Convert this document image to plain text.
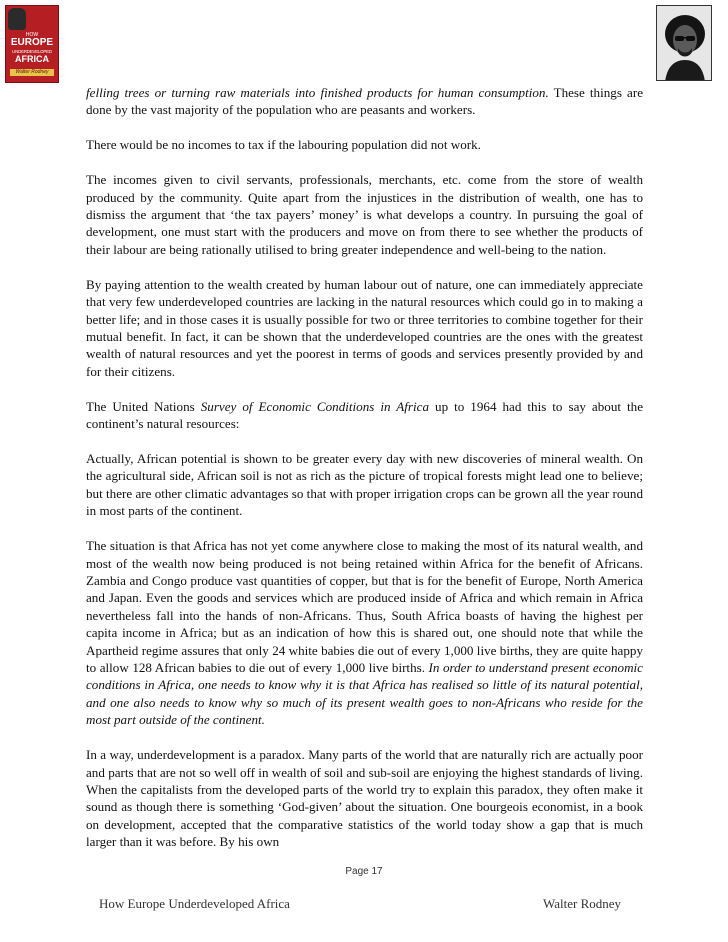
HOW
EUROPE
UNDERDEVELOPED
AFRICA
Walter Rodney

felling trees or turning raw materials into finished products for human consumption. These things are done by the vast majority of the population who are peasants and workers.

There would be no incomes to tax if the labouring population did not work.

The incomes given to civil servants, professionals, merchants, etc. come from the store of wealth produced by the community. Quite apart from the injustices in the distribution of wealth, one has to dismiss the argument that ‘the tax payers’ money’ is what develops a country. In pursuing the goal of development, one must start with the producers and move on from there to see whether the products of their labour are being rationally utilised to bring greater independence and well-being to the nation.

By paying attention to the wealth created by human labour out of nature, one can immediately appreciate that very few underdeveloped countries are lacking in the natural resources which could go in to making a better life; and in those cases it is usually possible for two or three territories to combine together for their mutual benefit. In fact, it can be shown that the underdeveloped countries are the ones with the greatest wealth of natural resources and yet the poorest in terms of goods and services presently provided by and for their citizens.

The United Nations Survey of Economic Conditions in Africa up to 1964 had this to say about the continent’s natural resources:

Actually, African potential is shown to be greater every day with new discoveries of mineral wealth. On the agricultural side, African soil is not as rich as the picture of tropical forests might lead one to believe; but there are other climatic advantages so that with proper irrigation crops can be grown all the year round in most parts of the continent.

The situation is that Africa has not yet come anywhere close to making the most of its natural wealth, and most of the wealth now being produced is not being retained within Africa for the benefit of Africans. Zambia and Congo produce vast quantities of copper, but that is for the benefit of Europe, North America and Japan. Even the goods and services which are produced inside of Africa and which remain in Africa nevertheless fall into the hands of non-Africans. Thus, South Africa boasts of having the highest per capita income in Africa; but as an indication of how this is shared out, one should note that while the Apartheid regime assures that only 24 white babies die out of every 1,000 live births, they are quite happy to allow 128 African babies to die out of every 1,000 live births. In order to understand present economic conditions in Africa, one needs to know why it is that Africa has realised so little of its natural potential, and one also needs to know why so much of its present wealth goes to non-Africans who reside for the most part outside of the continent.

In a way, underdevelopment is a paradox. Many parts of the world that are naturally rich are actually poor and parts that are not so well off in wealth of soil and sub-soil are enjoying the highest standards of living. When the capitalists from the developed parts of the world try to explain this paradox, they often make it sound as though there is something ‘God-given’ about the situation. One bourgeois economist, in a book on development, accepted that the comparative statistics of the world today show a gap that is much larger than it was before. By his own

Page 17
How Europe Underdeveloped Africa	Walter Rodney
